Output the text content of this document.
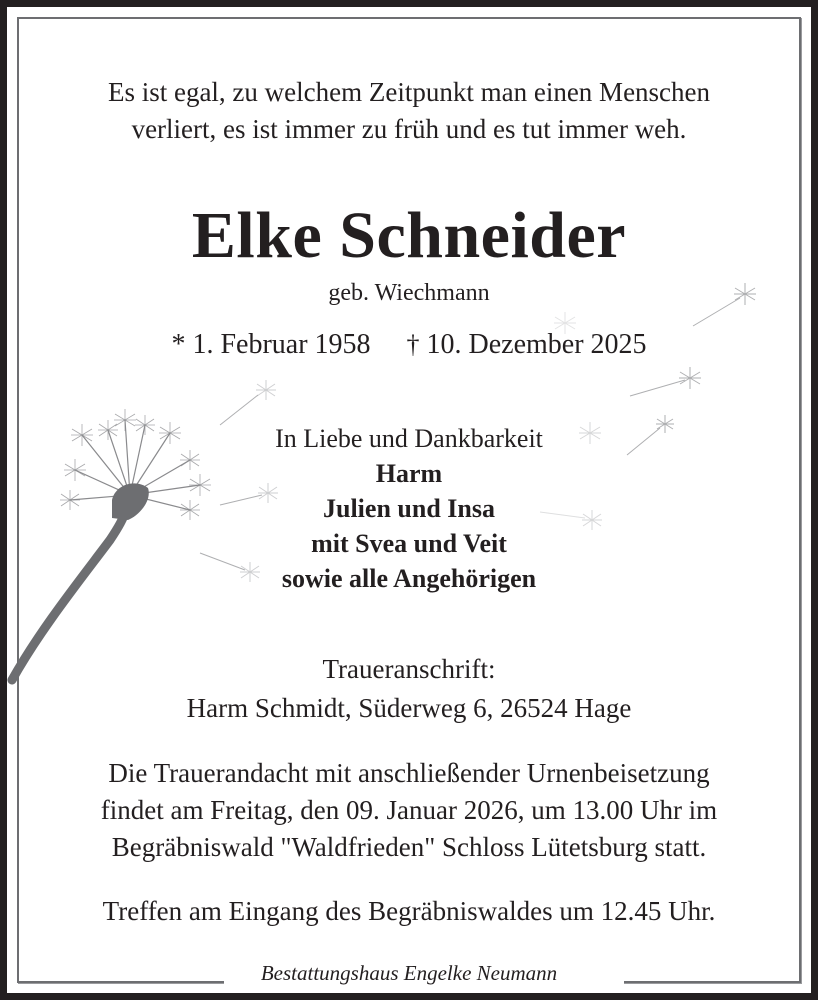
Es ist egal, zu welchem Zeitpunkt man einen Menschen
verliert, es ist immer zu früh und es tut immer weh.
Elke Schneider
geb. Wiechmann
* 1. Februar 1958 † 10. Dezember 2025
In Liebe und Dankbarkeit
Harm
Julien und Insa
mit Svea und Veit
sowie alle Angehörigen
Traueranschrift:
Harm Schmidt, Süderweg 6, 26524 Hage
Die Trauerandacht mit anschließender Urnenbeisetzung
findet am Freitag, den 09. Januar 2026, um 13.00 Uhr im
Begräbniswald "Waldfrieden" Schloss Lütetsburg statt.
Treffen am Eingang des Begräbniswaldes um 12.45 Uhr.
Bestattungshaus Engelke Neumann
